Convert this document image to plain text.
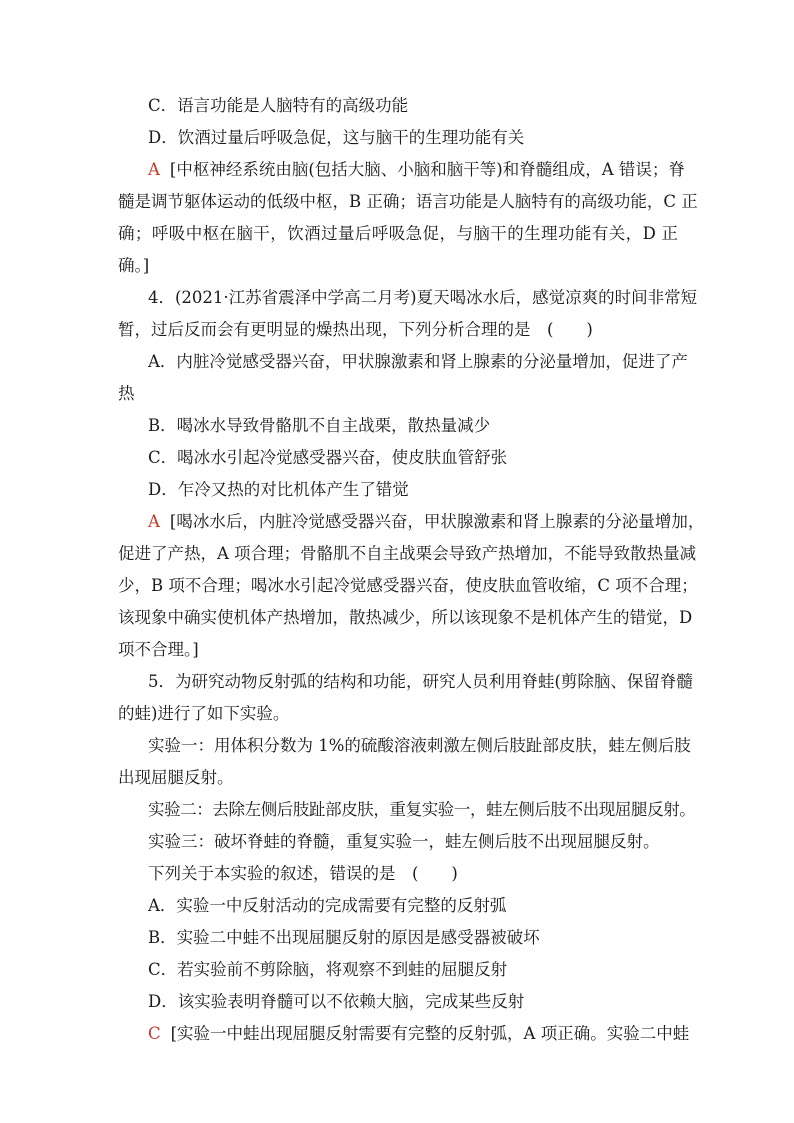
C．语言功能是人脑特有的高级功能
D．饮酒过量后呼吸急促，这与脑干的生理功能有关
A [中枢神经系统由脑(包括大脑、小脑和脑干等)和脊髓组成，A 错误；脊
髓是调节躯体运动的低级中枢，B 正确；语言功能是人脑特有的高级功能，C 正
确；呼吸中枢在脑干，饮酒过量后呼吸急促，与脑干的生理功能有关，D 正
确。]
4．(2021·江苏省震泽中学高二月考)夏天喝冰水后，感觉凉爽的时间非常短
暂，过后反而会有更明显的燥热出现，下列分析合理的是　(　　)
A．内脏冷觉感受器兴奋，甲状腺激素和肾上腺素的分泌量增加，促进了产
热
B．喝冰水导致骨骼肌不自主战栗，散热量减少
C．喝冰水引起冷觉感受器兴奋，使皮肤血管舒张
D．乍冷又热的对比机体产生了错觉
A [喝冰水后，内脏冷觉感受器兴奋，甲状腺激素和肾上腺素的分泌量增加，
促进了产热，A 项合理；骨骼肌不自主战栗会导致产热增加，不能导致散热量减
少，B 项不合理；喝冰水引起冷觉感受器兴奋，使皮肤血管收缩，C 项不合理；
该现象中确实使机体产热增加，散热减少，所以该现象不是机体产生的错觉，D
项不合理。]
5．为研究动物反射弧的结构和功能，研究人员利用脊蛙(剪除脑、保留脊髓
的蛙)进行了如下实验。
实验一：用体积分数为 1%的硫酸溶液刺激左侧后肢趾部皮肤，蛙左侧后肢
出现屈腿反射。
实验二：去除左侧后肢趾部皮肤，重复实验一，蛙左侧后肢不出现屈腿反射。
实验三：破坏脊蛙的脊髓，重复实验一，蛙左侧后肢不出现屈腿反射。
下列关于本实验的叙述，错误的是　(　　)
A．实验一中反射活动的完成需要有完整的反射弧
B．实验二中蛙不出现屈腿反射的原因是感受器被破坏
C．若实验前不剪除脑，将观察不到蛙的屈腿反射
D．该实验表明脊髓可以不依赖大脑，完成某些反射
C [实验一中蛙出现屈腿反射需要有完整的反射弧，A 项正确。实验二中蛙
